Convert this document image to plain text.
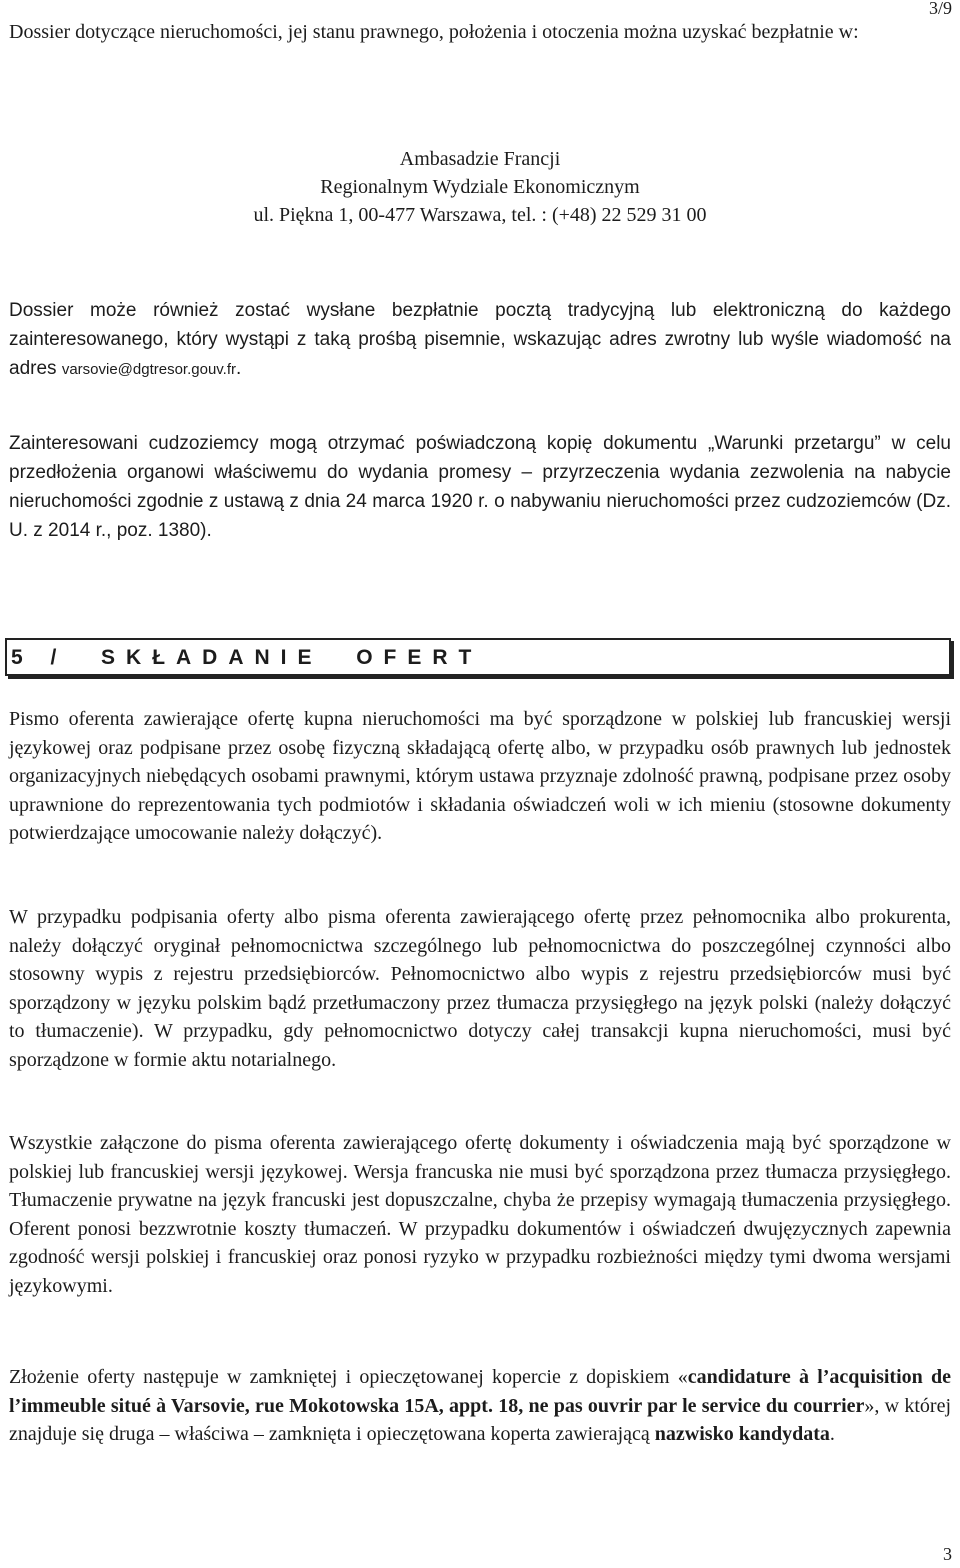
3/9

Dossier dotyczące nieruchomości, jej stanu prawnego, położenia i otoczenia można uzyskać bezpłatnie w:

Ambasadzie Francji
Regionalnym Wydziale Ekonomicznym
ul. Piękna 1, 00-477 Warszawa, tel. : (+48) 22 529 31 00

Dossier może również zostać wysłane bezpłatnie pocztą tradycyjną lub elektroniczną do każdego zainteresowanego, który wystąpi z taką prośbą pisemnie, wskazując adres zwrotny lub wyśle wiadomość na adres varsovie@dgtresor.gouv.fr.

Zainteresowani cudzoziemcy mogą otrzymać poświadczoną kopię dokumentu „Warunki przetargu” w celu przedłożenia organowi właściwemu do wydania promesy – przyrzeczenia wydania zezwolenia na nabycie nieruchomości zgodnie z ustawą z dnia 24 marca 1920 r. o nabywaniu nieruchomości przez cudzoziemców (Dz. U. z 2014 r., poz. 1380).

5 /  SKŁADANIE  OFERT

Pismo oferenta zawierające ofertę kupna nieruchomości ma być sporządzone w polskiej lub francuskiej wersji językowej oraz podpisane przez osobę fizyczną składającą ofertę albo, w przypadku osób prawnych lub jednostek organizacyjnych niebędących osobami prawnymi, którym ustawa przyznaje zdolność prawną, podpisane przez osoby uprawnione do reprezentowania tych podmiotów i składania oświadczeń woli w ich mieniu (stosowne dokumenty potwierdzające umocowanie należy dołączyć).

W przypadku podpisania oferty albo pisma oferenta zawierającego ofertę przez pełnomocnika albo prokurenta, należy dołączyć oryginał pełnomocnictwa szczególnego lub pełnomocnictwa do poszczególnej czynności albo stosowny wypis z rejestru przedsiębiorców. Pełnomocnictwo albo wypis z rejestru przedsiębiorców musi być sporządzony w języku polskim bądź przetłumaczony przez tłumacza przysięgłego na język polski (należy dołączyć to tłumaczenie). W przypadku, gdy pełnomocnictwo dotyczy całej transakcji kupna nieruchomości, musi być sporządzone w formie aktu notarialnego.

Wszystkie załączone do pisma oferenta zawierającego ofertę dokumenty i oświadczenia mają być sporządzone w polskiej lub francuskiej wersji językowej. Wersja francuska nie musi być sporządzona przez tłumacza przysięgłego. Tłumaczenie prywatne na język francuski jest dopuszczalne, chyba że przepisy wymagają tłumaczenia przysięgłego. Oferent ponosi bezzwrotnie koszty tłumaczeń. W przypadku dokumentów i oświadczeń dwujęzycznych zapewnia zgodność wersji polskiej i francuskiej oraz ponosi ryzyko w przypadku rozbieżności między tymi dwoma wersjami językowymi.

Złożenie oferty następuje w zamkniętej i opieczętowanej kopercie z dopiskiem «candidature à l’acquisition de l’immeuble situé à Varsovie, rue Mokotowska 15A, appt. 18, ne pas ouvrir par le service du courrier», w której znajduje się druga – właściwa – zamknięta i opieczętowana koperta zawierającą nazwisko kandydata.

3
